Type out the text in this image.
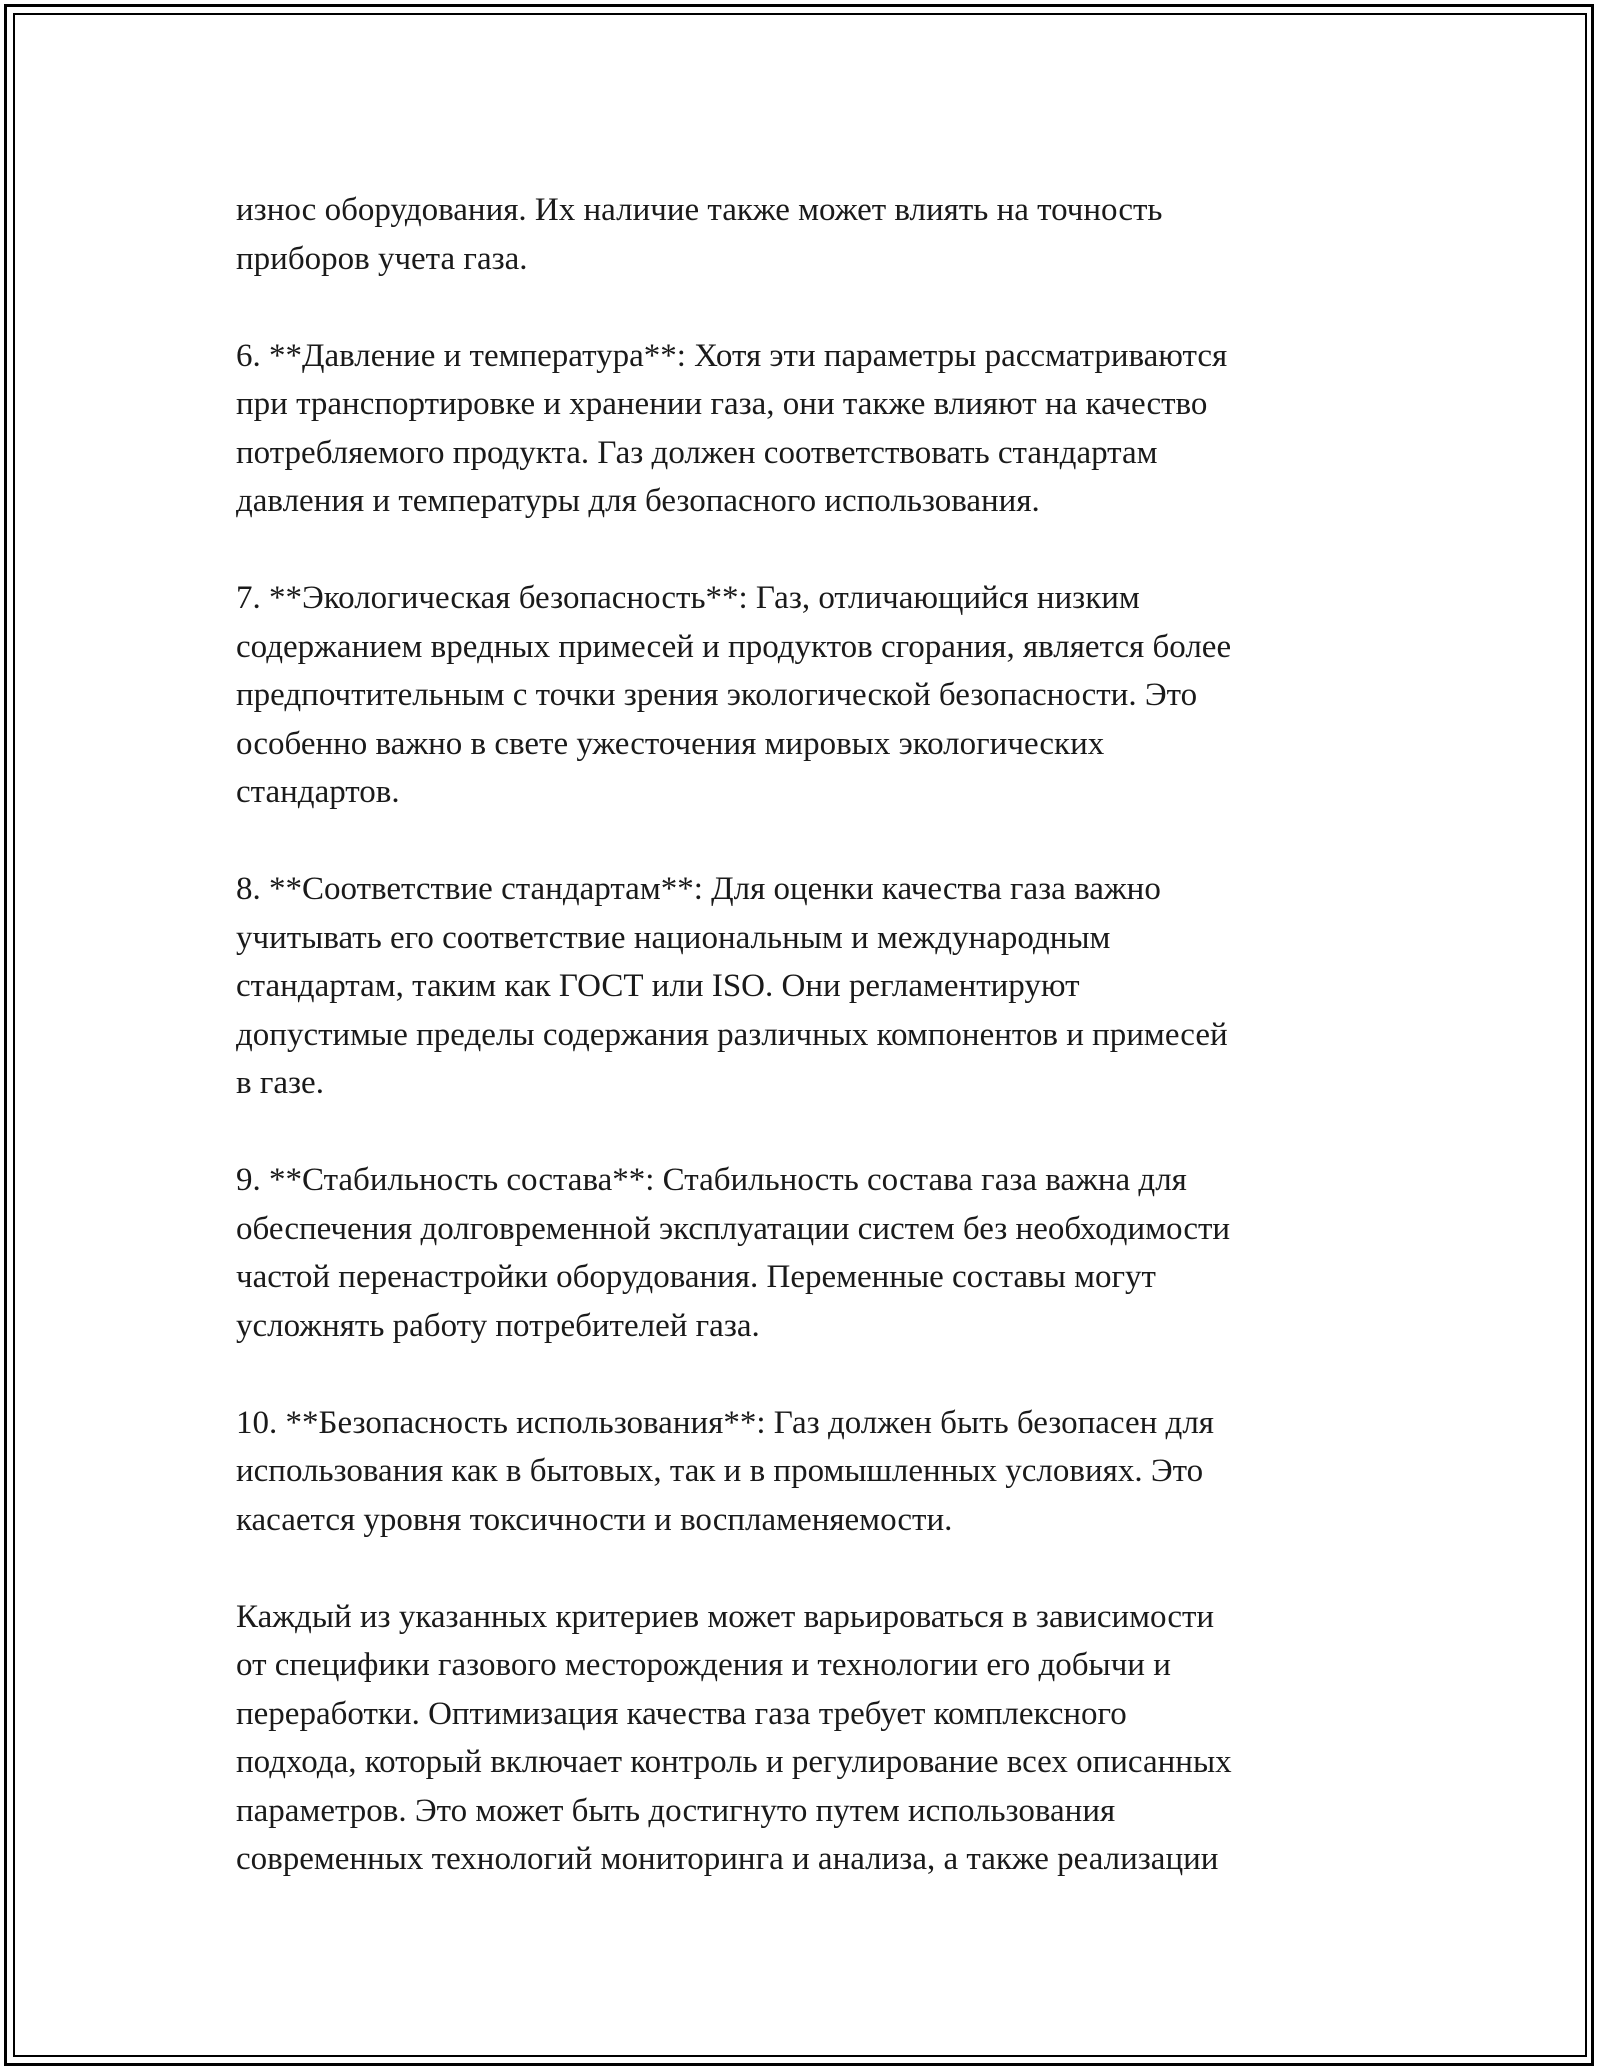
износ оборудования. Их наличие также может влиять на точность
приборов учета газа.

6. **Давление и температура**: Хотя эти параметры рассматриваются
при транспортировке и хранении газа, они также влияют на качество
потребляемого продукта. Газ должен соответствовать стандартам
давления и температуры для безопасного использования.

7. **Экологическая безопасность**: Газ, отличающийся низким
содержанием вредных примесей и продуктов сгорания, является более
предпочтительным с точки зрения экологической безопасности. Это
особенно важно в свете ужесточения мировых экологических
стандартов.

8. **Соответствие стандартам**: Для оценки качества газа важно
учитывать его соответствие национальным и международным
стандартам, таким как ГОСТ или ISO. Они регламентируют
допустимые пределы содержания различных компонентов и примесей
в газе.

9. **Стабильность состава**: Стабильность состава газа важна для
обеспечения долговременной эксплуатации систем без необходимости
частой перенастройки оборудования. Переменные составы могут
усложнять работу потребителей газа.

10. **Безопасность использования**: Газ должен быть безопасен для
использования как в бытовых, так и в промышленных условиях. Это
касается уровня токсичности и воспламеняемости.

Каждый из указанных критериев может варьироваться в зависимости
от специфики газового месторождения и технологии его добычи и
переработки. Оптимизация качества газа требует комплексного
подхода, который включает контроль и регулирование всех описанных
параметров. Это может быть достигнуто путем использования
современных технологий мониторинга и анализа, а также реализации
